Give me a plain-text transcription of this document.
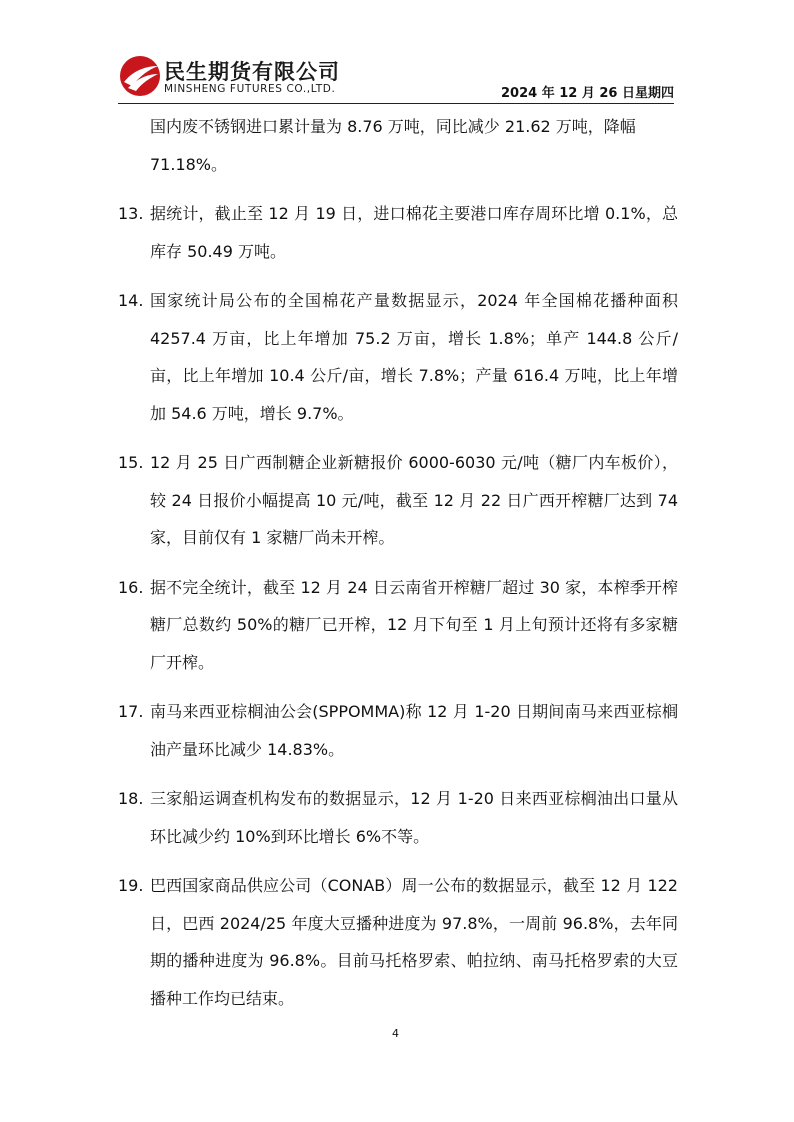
民生期货有限公司
MINSHENG FUTURES CO.,LTD.	2024 年 12 月 26 日星期四

国内废不锈钢进口累计量为 8.76 万吨，同比减少 21.62 万吨，降幅 71.18%。

13. 据统计，截止至 12 月 19 日，进口棉花主要港口库存周环比增 0.1%，总库存 50.49 万吨。
14. 国家统计局公布的全国棉花产量数据显示，2024 年全国棉花播种面积 4257.4 万亩，比上年增加 75.2 万亩，增长 1.8%；单产 144.8 公斤/亩，比上年增加 10.4 公斤/亩，增长 7.8%；产量 616.4 万吨，比上年增加 54.6 万吨，增长 9.7%。
15. 12 月 25 日广西制糖企业新糖报价 6000-6030 元/吨（糖厂内车板价），较 24 日报价小幅提高 10 元/吨，截至 12 月 22 日广西开榨糖厂达到 74 家，目前仅有 1 家糖厂尚未开榨。
16. 据不完全统计，截至 12 月 24 日云南省开榨糖厂超过 30 家，本榨季开榨糖厂总数约 50%的糖厂已开榨，12 月下旬至 1 月上旬预计还将有多家糖厂开榨。
17. 南马来西亚棕榈油公会(SPPOMMA)称 12 月 1-20 日期间南马来西亚棕榈油产量环比减少 14.83%。
18. 三家船运调查机构发布的数据显示，12 月 1-20 日来西亚棕榈油出口量从环比减少约 10%到环比增长 6%不等。
19. 巴西国家商品供应公司（CONAB）周一公布的数据显示，截至 12 月 122 日，巴西 2024/25 年度大豆播种进度为 97.8%，一周前 96.8%，去年同期的播种进度为 96.8%。目前马托格罗索、帕拉纳、南马托格罗索的大豆播种工作均已结束。
4
